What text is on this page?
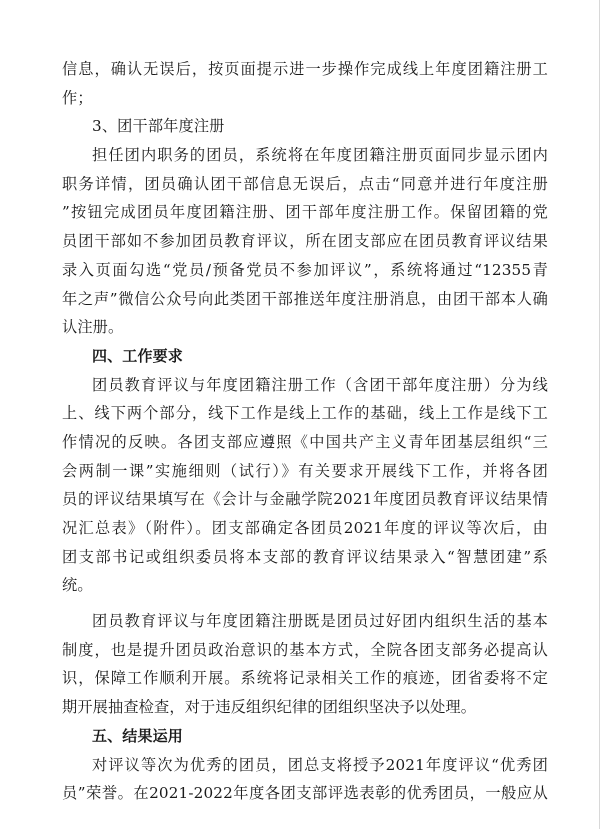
信息，确认无误后，按页面提示进一步操作完成线上年度团籍注册工
作；
3、团干部年度注册
担任团内职务的团员，系统将在年度团籍注册页面同步显示团内
职务详情，团员确认团干部信息无误后，点击“同意并进行年度注册
”按钮完成团员年度团籍注册、团干部年度注册工作。保留团籍的党
员团干部如不参加团员教育评议，所在团支部应在团员教育评议结果
录入页面勾选“党员/预备党员不参加评议”，系统将通过“12355青
年之声”微信公众号向此类团干部推送年度注册消息，由团干部本人确
认注册。
四、工作要求
团员教育评议与年度团籍注册工作（含团干部年度注册）分为线
上、线下两个部分，线下工作是线上工作的基础，线上工作是线下工
作情况的反映。各团支部应遵照《中国共产主义青年团基层组织“三
会两制一课”实施细则（试行）》有关要求开展线下工作，并将各团
员的评议结果填写在《会计与金融学院2021年度团员教育评议结果情
况汇总表》（附件）。团支部确定各团员2021年度的评议等次后，由
团支部书记或组织委员将本支部的教育评议结果录入“智慧团建”系
统。
团员教育评议与年度团籍注册既是团员过好团内组织生活的基本
制度，也是提升团员政治意识的基本方式，全院各团支部务必提高认
识，保障工作顺利开展。系统将记录相关工作的痕迹，团省委将不定
期开展抽查检查，对于违反组织纪律的团组织坚决予以处理。
五、结果运用
对评议等次为优秀的团员，团总支将授予2021年度评议“优秀团
员”荣誉。在2021-2022年度各团支部评选表彰的优秀团员，一般应从
